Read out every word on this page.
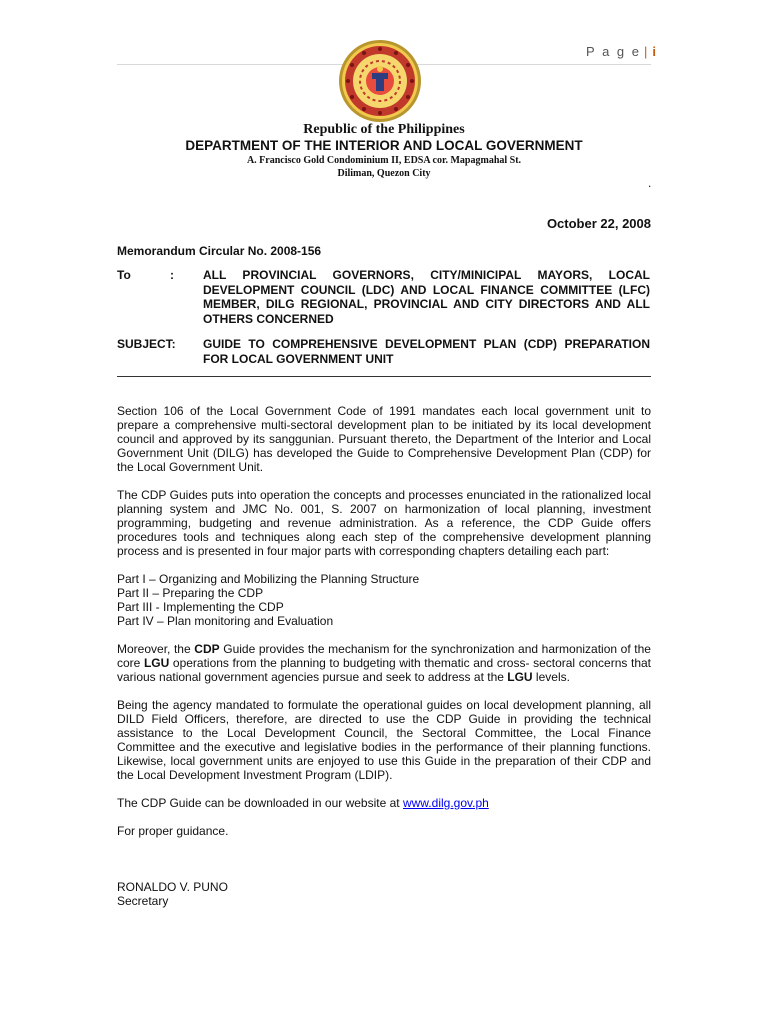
P a g e | i
Republic of the Philippines
DEPARTMENT OF THE INTERIOR AND LOCAL GOVERNMENT
A. Francisco Gold Condominium II, EDSA cor. Mapagmahal St.
Diliman, Quezon City
.
October 22, 2008
Memorandum Circular No. 2008-156
To	: ALL PROVINCIAL GOVERNORS, CITY/MINICIPAL MAYORS, LOCAL DEVELOPMENT COUNCIL (LDC) AND LOCAL FINANCE COMMITTEE (LFC) MEMBER, DILG REGIONAL, PROVINCIAL AND CITY DIRECTORS AND ALL OTHERS CONCERNED
SUBJECT: GUIDE TO COMPREHENSIVE DEVELOPMENT PLAN (CDP) PREPARATION FOR LOCAL GOVERNMENT UNIT

Section 106 of the Local Government Code of 1991 mandates each local government unit to prepare a comprehensive multi-sectoral development plan to be initiated by its local development council and approved by its sanggunian. Pursuant thereto, the Department of the Interior and Local Government Unit (DILG) has developed the Guide to Comprehensive Development Plan (CDP) for the Local Government Unit.

The CDP Guides puts into operation the concepts and processes enunciated in the rationalized local planning system and JMC No. 001, S. 2007 on harmonization of local planning, investment programming, budgeting and revenue administration. As a reference, the CDP Guide offers procedures tools and techniques along each step of the comprehensive development planning process and is presented in four major parts with corresponding chapters detailing each part:

Part I – Organizing and Mobilizing the Planning Structure
Part II – Preparing the CDP
Part III - Implementing the CDP
Part IV – Plan monitoring and Evaluation

Moreover, the CDP Guide provides the mechanism for the synchronization and harmonization of the core LGU operations from the planning to budgeting with thematic and cross- sectoral concerns that various national government agencies pursue and seek to address at the LGU levels.

Being the agency mandated to formulate the operational guides on local development planning, all DILD Field Officers, therefore, are directed to use the CDP Guide in providing the technical assistance to the Local Development Council, the Sectoral Committee, the Local Finance Committee and the executive and legislative bodies in the performance of their planning functions. Likewise, local government units are enjoyed to use this Guide in the preparation of their CDP and the Local Development Investment Program (LDIP).

The CDP Guide can be downloaded in our website at www.dilg.gov.ph

For proper guidance.

RONALDO V. PUNO
Secretary
